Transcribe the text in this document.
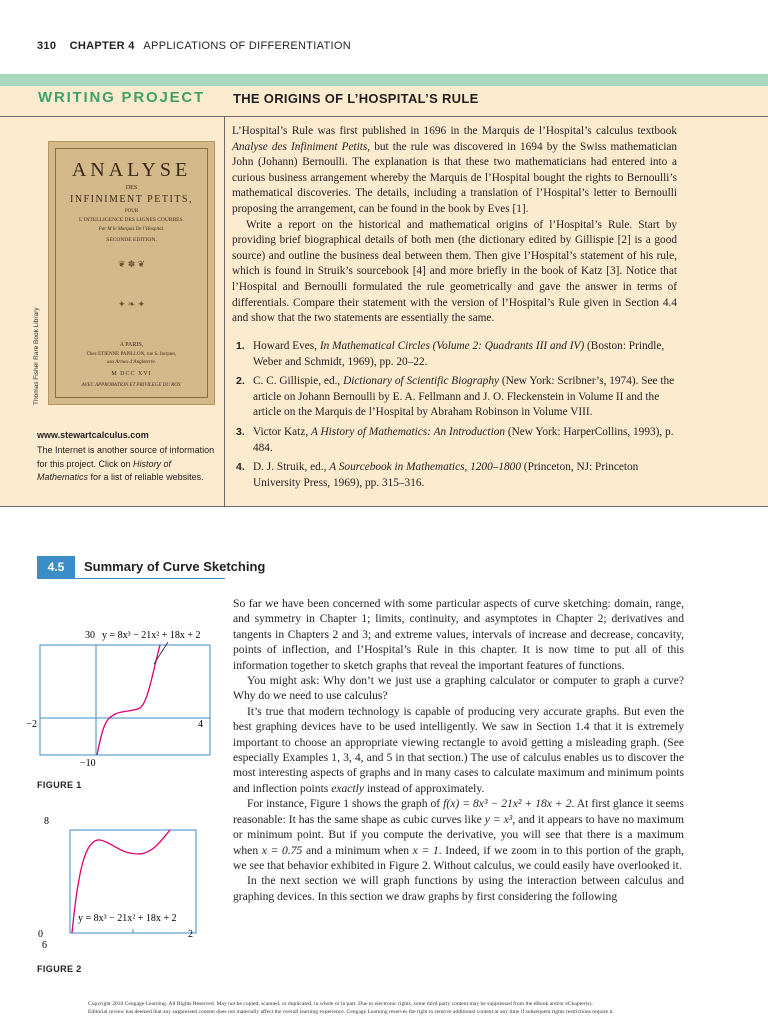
310 CHAPTER 4 APPLICATIONS OF DIFFERENTIATION
WRITING PROJECT THE ORIGINS OF L’HOSPITAL’S RULE
ANALYSE
DES
INFINIMENT PETITS,
POUR
L’INTELLIGENCE DES LIGNES COURBES.
Par M le Marquis De l’Hospital.
SECONDE EDITION.
❦ ✽ ❦
✦ ❧ ✦
A PARIS,
Chez ETIENNE PAPILLON, rue S. Jacques,
aux Armes d’Angleterre.
M DCC XVI
AVEC APPROBATION ET PRIVILEGE DU ROY.
Thomas Fisher Rare Book Library
www.stewartcalculus.com
The Internet is another source of information for this project. Click on History of Mathematics for a list of reliable websites.

L’Hospital’s Rule was first published in 1696 in the Marquis de l’Hospital’s calculus textbook Analyse des Infiniment Petits, but the rule was discovered in 1694 by the Swiss mathematician John (Johann) Bernoulli. The explanation is that these two mathematicians had entered into a curious business arrangement whereby the Marquis de l’Hospital bought the rights to Bernoulli’s mathematical discoveries. The details, including a translation of l’Hospital’s letter to Bernoulli proposing the arrangement, can be found in the book by Eves [1].

Write a report on the historical and mathematical origins of l’Hospital’s Rule. Start by providing brief biographical details of both men (the dictionary edited by Gillispie [2] is a good source) and outline the business deal between them. Then give l’Hospital’s statement of his rule, which is found in Struik’s sourcebook [4] and more briefly in the book of Katz [3]. Notice that l’Hospital and Bernoulli formulated the rule geometrically and gave the answer in terms of differentials. Compare their statement with the version of l’Hospital’s Rule given in Section 4.4 and show that the two statements are essentially the same.

1. Howard Eves, In Mathematical Circles (Volume 2: Quadrants III and IV) (Boston: Prindle, Weber and Schmidt, 1969), pp. 20–22.
2. C. C. Gillispie, ed., Dictionary of Scientific Biography (New York: Scribner’s, 1974). See the article on Johann Bernoulli by E. A. Fellmann and J. O. Fleckenstein in Volume II and the article on the Marquis de l’Hospital by Abraham Robinson in Volume VIII.
3. Victor Katz, A History of Mathematics: An Introduction (New York: HarperCollins, 1993), p. 484.
4. D. J. Struik, ed., A Sourcebook in Mathematics, 1200–1800 (Princeton, NJ: Princeton University Press, 1969), pp. 315–316.
4.5	Summary of Curve Sketching
30 y = 8x³ − 21x² + 18x + 2
−2	4
−10
FIGURE 1
8
y = 8x³ − 21x² + 18x + 2
0	2
6
FIGURE 2

So far we have been concerned with some particular aspects of curve sketching: domain, range, and symmetry in Chapter 1; limits, continuity, and asymptotes in Chapter 2; derivatives and tangents in Chapters 2 and 3; and extreme values, intervals of increase and decrease, concavity, points of inflection, and l’Hospital’s Rule in this chapter. It is now time to put all of this information together to sketch graphs that reveal the important features of functions.

You might ask: Why don’t we just use a graphing calculator or computer to graph a curve? Why do we need to use calculus?

It’s true that modern technology is capable of producing very accurate graphs. But even the best graphing devices have to be used intelligently. We saw in Section 1.4 that it is extremely important to choose an appropriate viewing rectangle to avoid getting a misleading graph. (See especially Examples 1, 3, 4, and 5 in that section.) The use of calculus enables us to discover the most interesting aspects of graphs and in many cases to calculate maximum and minimum points and inflection points exactly instead of approximately.

For instance, Figure 1 shows the graph of f(x) = 8x³ − 21x² + 18x + 2. At first glance it seems reasonable: It has the same shape as cubic curves like y = x³, and it appears to have no maximum or minimum point. But if you compute the derivative, you will see that there is a maximum when x = 0.75 and a minimum when x = 1. Indeed, if we zoom in to this portion of the graph, we see that behavior exhibited in Figure 2. Without calculus, we could easily have overlooked it.

In the next section we will graph functions by using the interaction between calculus and graphing devices. In this section we draw graphs by first considering the following

Copyright 2010 Cengage Learning. All Rights Reserved. May not be copied, scanned, or duplicated, in whole or in part. Due to electronic rights, some third party content may be suppressed from the eBook and/or eChapter(s).
Editorial review has deemed that any suppressed content does not materially affect the overall learning experience. Cengage Learning reserves the right to remove additional content at any time if subsequent rights restrictions require it.
